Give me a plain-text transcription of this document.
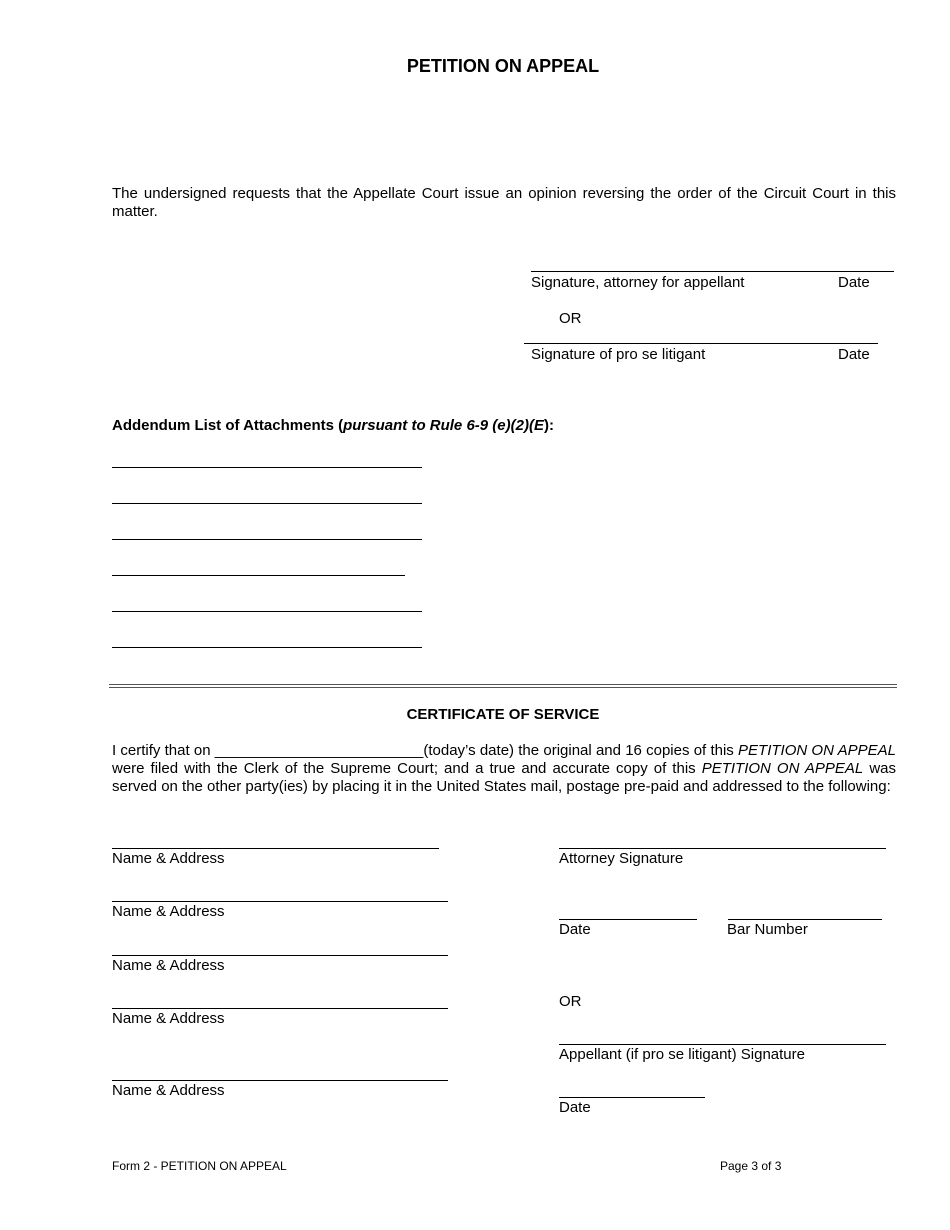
PETITION ON APPEAL
The undersigned requests that the Appellate Court issue an opinion reversing the order of the Circuit Court in this matter.
Signature, attorney for appellant	Date
OR
Signature of pro se litigant	Date
Addendum List of Attachments (pursuant to Rule 6-9 (e)(2)(E):
CERTIFICATE OF SERVICE
I certify that on _________________________(today’s date) the original and 16 copies of this PETITION ON APPEAL were filed with the Clerk of the Supreme Court; and a true and accurate copy of this PETITION ON APPEAL was served on the other party(ies) by placing it in the United States mail, postage pre-paid and addressed to the following:
Name & Address
Name & Address
Name & Address
Name & Address
Name & Address
Attorney Signature
Date	Bar Number
OR
Appellant (if pro se litigant) Signature
Date
Form 2 - PETITION ON APPEAL	Page 3 of 3
